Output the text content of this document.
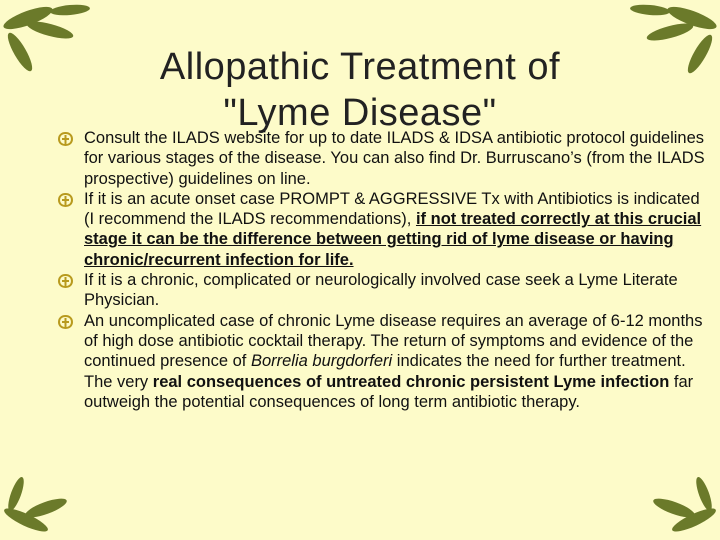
Allopathic Treatment of
"Lyme Disease"
Consult the ILADS website for up to date ILADS & IDSA antibiotic protocol guidelines for various stages of the disease. You can also find Dr. Burruscano’s (from the ILADS prospective) guidelines on line.
If it is an acute onset case PROMPT & AGGRESSIVE Tx with Antibiotics is indicated (I recommend the ILADS recommendations), if not treated correctly at this crucial stage it can be the difference between getting rid of lyme disease or having chronic/recurrent infection for life.
If it is a chronic, complicated or neurologically involved case seek a Lyme Literate Physician.
An uncomplicated case of chronic Lyme disease requires an average of 6-12 months of high dose antibiotic cocktail therapy. The return of symptoms and evidence of the continued presence of Borrelia burgdorferi indicates the need for further treatment. The very real consequences of untreated chronic persistent Lyme infection far outweigh the potential consequences of long term antibiotic therapy.
